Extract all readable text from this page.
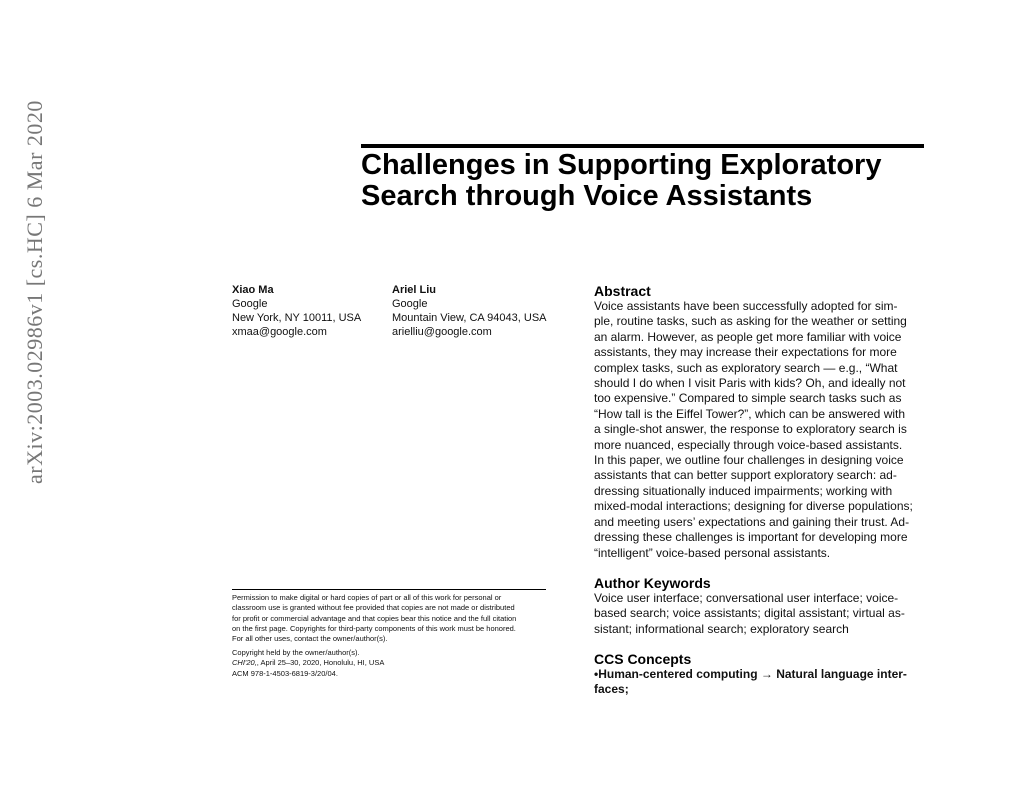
arXiv:2003.02986v1 [cs.HC] 6 Mar 2020	Challenges in Supporting Exploratory
Search through Voice Assistants
Xiao Ma
Google
New York, NY 10011, USA
xmaa@google.com
Ariel Liu
Google
Mountain View, CA 94043, USA
arielliu@google.com
Permission to make digital or hard copies of part or all of this work for personal or
classroom use is granted without fee provided that copies are not made or distributed
for profit or commercial advantage and that copies bear this notice and the full citation
on the first page. Copyrights for third-party components of this work must be honored.
For all other uses, contact the owner/author(s).
Copyright held by the owner/author(s).
CHI'20,, April 25–30, 2020, Honolulu, HI, USA
ACM 978-1-4503-6819-3/20/04.
Abstract
Voice assistants have been successfully adopted for sim-
ple, routine tasks, such as asking for the weather or setting
an alarm. However, as people get more familiar with voice
assistants, they may increase their expectations for more
complex tasks, such as exploratory search — e.g., “What
should I do when I visit Paris with kids? Oh, and ideally not
too expensive.” Compared to simple search tasks such as
“How tall is the Eiffel Tower?”, which can be answered with
a single-shot answer, the response to exploratory search is
more nuanced, especially through voice-based assistants.
In this paper, we outline four challenges in designing voice
assistants that can better support exploratory search: ad-
dressing situationally induced impairments; working with
mixed-modal interactions; designing for diverse populations;
and meeting users’ expectations and gaining their trust. Ad-
dressing these challenges is important for developing more
“intelligent” voice-based personal assistants.
Author Keywords
Voice user interface; conversational user interface; voice-
based search; voice assistants; digital assistant; virtual as-
sistant; informational search; exploratory search
CCS Concepts
•Human-centered computing → Natural language inter-
faces;
